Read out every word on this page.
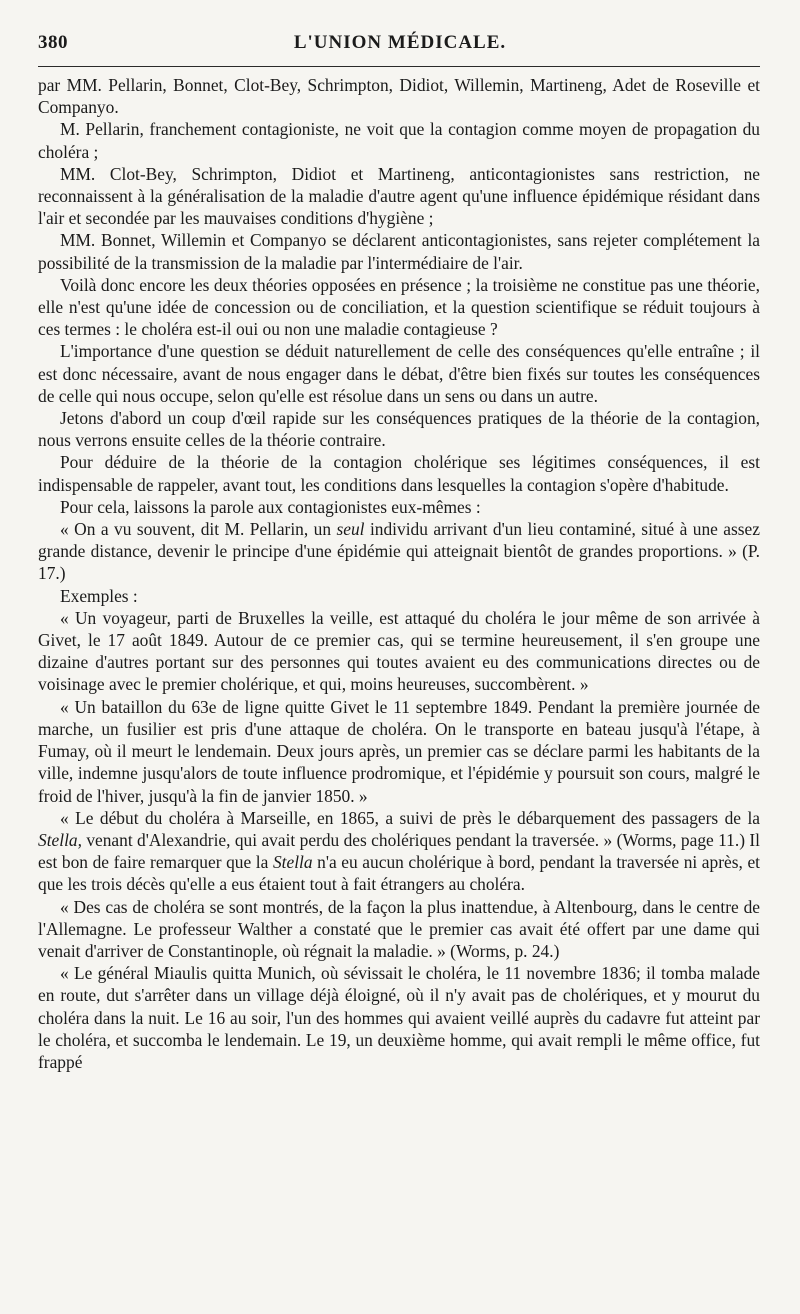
380	L'UNION MÉDICALE.

par MM. Pellarin, Bonnet, Clot-Bey, Schrimpton, Didiot, Willemin, Martineng, Adet de Roseville et Companyo.

M. Pellarin, franchement contagioniste, ne voit que la contagion comme moyen de propagation du choléra ;

MM. Clot-Bey, Schrimpton, Didiot et Martineng, anticontagionistes sans restriction, ne reconnaissent à la généralisation de la maladie d'autre agent qu'une influence épidémique résidant dans l'air et secondée par les mauvaises conditions d'hygiène ;

MM. Bonnet, Willemin et Companyo se déclarent anticontagionistes, sans rejeter complétement la possibilité de la transmission de la maladie par l'intermédiaire de l'air.

Voilà donc encore les deux théories opposées en présence ; la troisième ne constitue pas une théorie, elle n'est qu'une idée de concession ou de conciliation, et la question scientifique se réduit toujours à ces termes : le choléra est-il oui ou non une maladie contagieuse ?

L'importance d'une question se déduit naturellement de celle des conséquences qu'elle entraîne ; il est donc nécessaire, avant de nous engager dans le débat, d'être bien fixés sur toutes les conséquences de celle qui nous occupe, selon qu'elle est résolue dans un sens ou dans un autre.

Jetons d'abord un coup d'œil rapide sur les conséquences pratiques de la théorie de la contagion, nous verrons ensuite celles de la théorie contraire.

Pour déduire de la théorie de la contagion cholérique ses légitimes conséquences, il est indispensable de rappeler, avant tout, les conditions dans lesquelles la contagion s'opère d'habitude.

Pour cela, laissons la parole aux contagionistes eux-mêmes :

« On a vu souvent, dit M. Pellarin, un seul individu arrivant d'un lieu contaminé, situé à une assez grande distance, devenir le principe d'une épidémie qui atteignait bientôt de grandes proportions. » (P. 17.)

Exemples :

« Un voyageur, parti de Bruxelles la veille, est attaqué du choléra le jour même de son arrivée à Givet, le 17 août 1849. Autour de ce premier cas, qui se termine heureusement, il s'en groupe une dizaine d'autres portant sur des personnes qui toutes avaient eu des communications directes ou de voisinage avec le premier cholérique, et qui, moins heureuses, succombèrent. »

« Un bataillon du 63e de ligne quitte Givet le 11 septembre 1849. Pendant la première journée de marche, un fusilier est pris d'une attaque de choléra. On le transporte en bateau jusqu'à l'étape, à Fumay, où il meurt le lendemain. Deux jours après, un premier cas se déclare parmi les habitants de la ville, indemne jusqu'alors de toute influence prodromique, et l'épidémie y poursuit son cours, malgré le froid de l'hiver, jusqu'à la fin de janvier 1850. »

« Le début du choléra à Marseille, en 1865, a suivi de près le débarquement des passagers de la Stella, venant d'Alexandrie, qui avait perdu des cholériques pendant la traversée. » (Worms, page 11.) Il est bon de faire remarquer que la Stella n'a eu aucun cholérique à bord, pendant la traversée ni après, et que les trois décès qu'elle a eus étaient tout à fait étrangers au choléra.

« Des cas de choléra se sont montrés, de la façon la plus inattendue, à Altenbourg, dans le centre de l'Allemagne. Le professeur Walther a constaté que le premier cas avait été offert par une dame qui venait d'arriver de Constantinople, où régnait la maladie. » (Worms, p. 24.)

« Le général Miaulis quitta Munich, où sévissait le choléra, le 11 novembre 1836; il tomba malade en route, dut s'arrêter dans un village déjà éloigné, où il n'y avait pas de cholériques, et y mourut du choléra dans la nuit. Le 16 au soir, l'un des hommes qui avaient veillé auprès du cadavre fut atteint par le choléra, et succomba le lendemain. Le 19, un deuxième homme, qui avait rempli le même office, fut frappé
